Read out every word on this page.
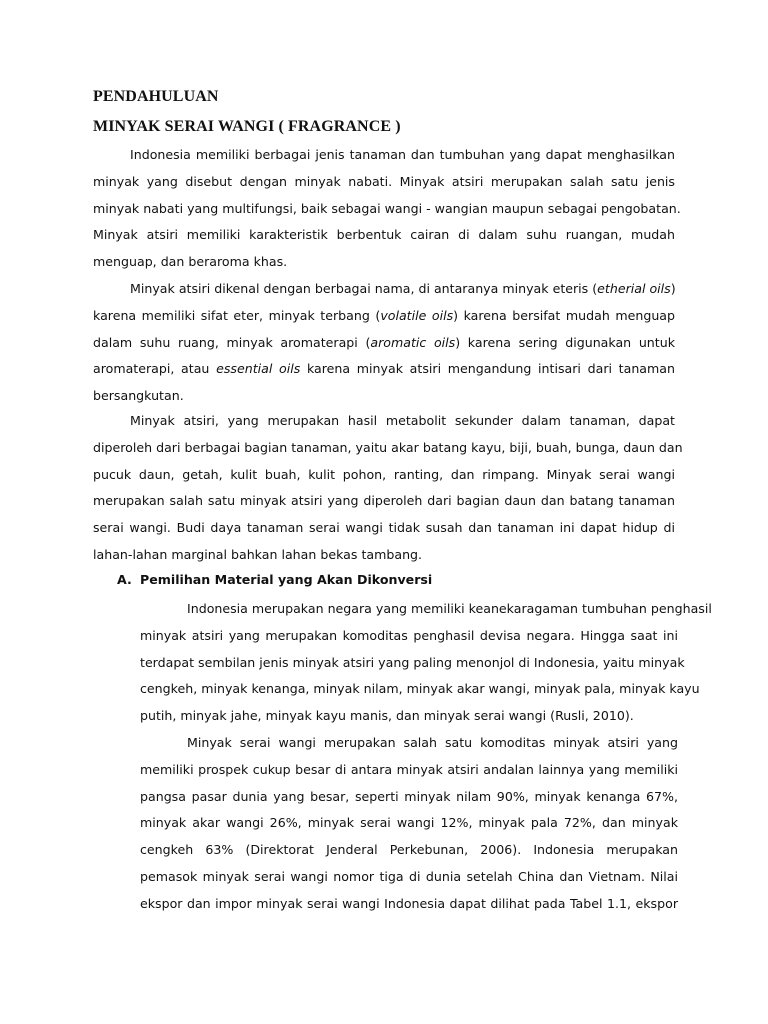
PENDAHULUAN
MINYAK SERAI WANGI ( FRAGRANCE )
Indonesia memiliki berbagai jenis tanaman dan tumbuhan yang dapat menghasilkan
minyak yang disebut dengan minyak nabati. Minyak atsiri merupakan salah satu jenis
minyak nabati yang multifungsi, baik sebagai wangi - wangian maupun sebagai pengobatan.
Minyak atsiri memiliki karakteristik berbentuk cairan di dalam suhu ruangan, mudah
menguap, dan beraroma khas.
Minyak atsiri dikenal dengan berbagai nama, di antaranya minyak eteris (etherial oils)
karena memiliki sifat eter, minyak terbang (volatile oils) karena bersifat mudah menguap
dalam suhu ruang, minyak aromaterapi (aromatic oils) karena sering digunakan untuk
aromaterapi, atau essential oils karena minyak atsiri mengandung intisari dari tanaman
bersangkutan.
Minyak atsiri, yang merupakan hasil metabolit sekunder dalam tanaman, dapat
diperoleh dari berbagai bagian tanaman, yaitu akar batang kayu, biji, buah, bunga, daun dan
pucuk daun, getah, kulit buah, kulit pohon, ranting, dan rimpang. Minyak serai wangi
merupakan salah satu minyak atsiri yang diperoleh dari bagian daun dan batang tanaman
serai wangi. Budi daya tanaman serai wangi tidak susah dan tanaman ini dapat hidup di
lahan-lahan marginal bahkan lahan bekas tambang.
A. Pemilihan Material yang Akan Dikonversi
Indonesia merupakan negara yang memiliki keanekaragaman tumbuhan penghasil
minyak atsiri yang merupakan komoditas penghasil devisa negara. Hingga saat ini
terdapat sembilan jenis minyak atsiri yang paling menonjol di Indonesia, yaitu minyak
cengkeh, minyak kenanga, minyak nilam, minyak akar wangi, minyak pala, minyak kayu
putih, minyak jahe, minyak kayu manis, dan minyak serai wangi (Rusli, 2010).
Minyak serai wangi merupakan salah satu komoditas minyak atsiri yang
memiliki prospek cukup besar di antara minyak atsiri andalan lainnya yang memiliki
pangsa pasar dunia yang besar, seperti minyak nilam 90%, minyak kenanga 67%,
minyak akar wangi 26%, minyak serai wangi 12%, minyak pala 72%, dan minyak
cengkeh 63% (Direktorat Jenderal Perkebunan, 2006). Indonesia merupakan
pemasok minyak serai wangi nomor tiga di dunia setelah China dan Vietnam. Nilai
ekspor dan impor minyak serai wangi Indonesia dapat dilihat pada Tabel 1.1, ekspor
